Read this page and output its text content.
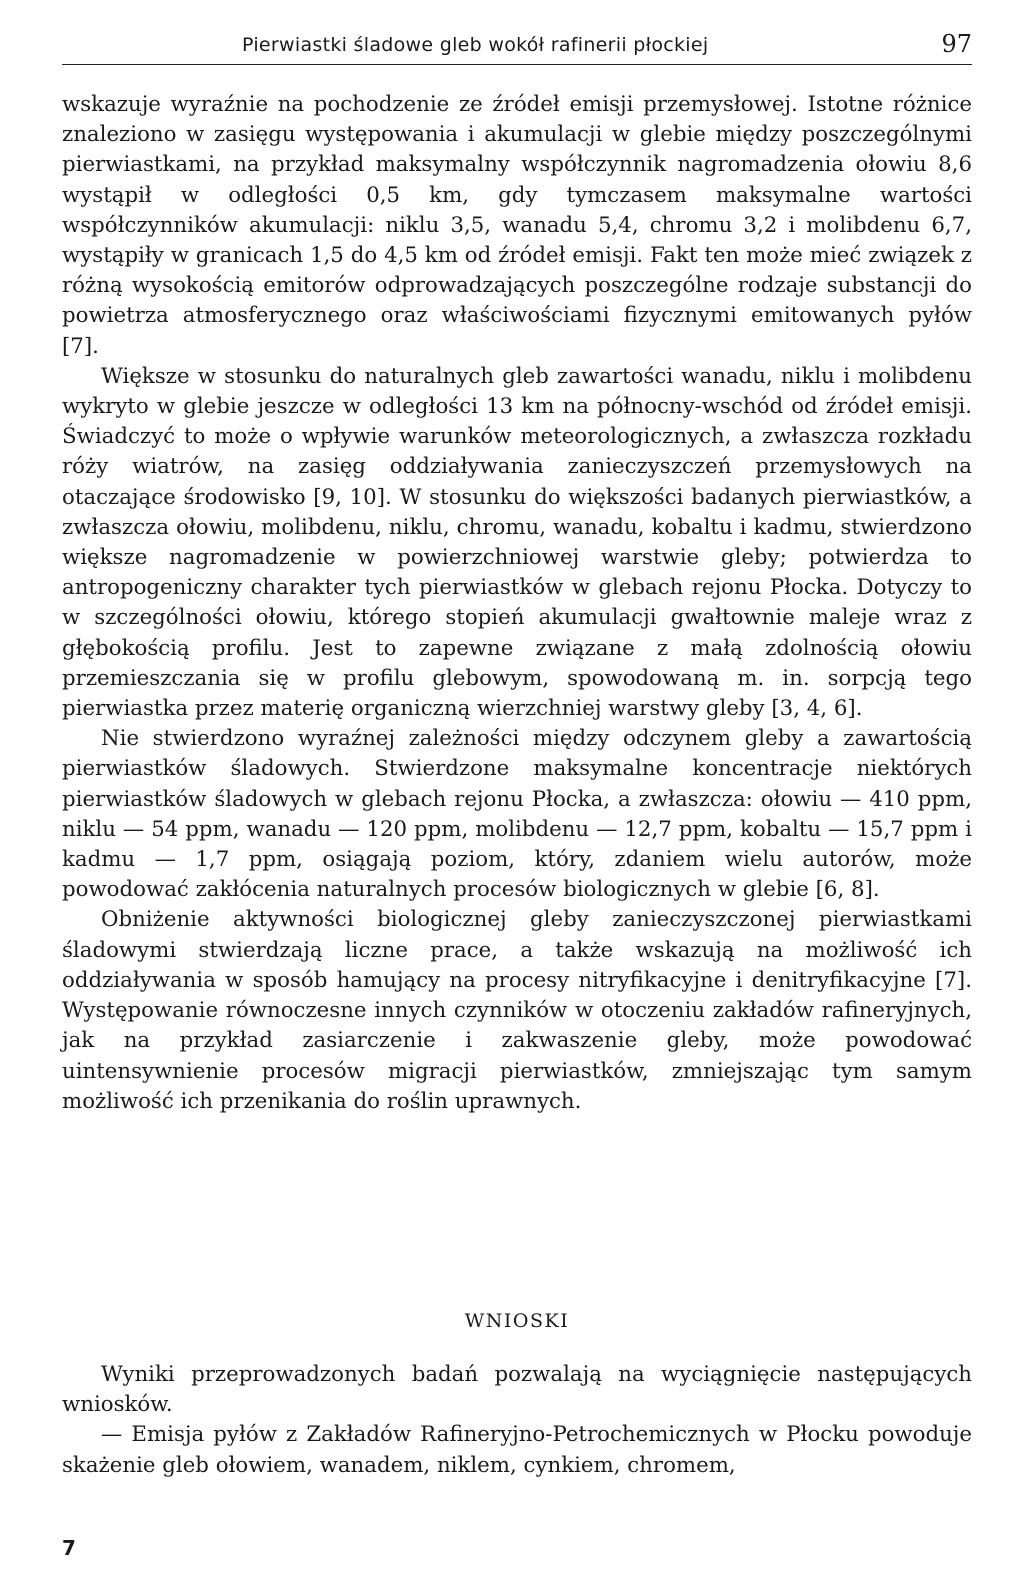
Pierwiastki śladowe gleb wokół rafinerii płockiej	97

wskazuje wyraźnie na pochodzenie ze źródeł emisji przemysłowej. Istotne różnice znaleziono w zasięgu występowania i akumulacji w glebie między poszczególnymi pierwiastkami, na przykład maksymalny współczynnik nagromadzenia ołowiu 8,6 wystąpił w odległości 0,5 km, gdy tymczasem maksymalne wartości współczynników akumulacji: niklu 3,5, wanadu 5,4, chromu 3,2 i molibdenu 6,7, wystąpiły w granicach 1,5 do 4,5 km od źródeł emisji. Fakt ten może mieć związek z różną wysokością emitorów odprowadzających poszczególne rodzaje substancji do powietrza atmosferycznego oraz właściwościami fizycznymi emitowanych pyłów [7].

Większe w stosunku do naturalnych gleb zawartości wanadu, niklu i molibdenu wykryto w glebie jeszcze w odległości 13 km na północny-wschód od źródeł emisji. Świadczyć to może o wpływie warunków meteorologicznych, a zwłaszcza rozkładu róży wiatrów, na zasięg oddziaływania zanieczyszczeń przemysłowych na otaczające środowisko [9, 10]. W stosunku do większości badanych pierwiastków, a zwłaszcza ołowiu, molibdenu, niklu, chromu, wanadu, kobaltu i kadmu, stwierdzono większe nagromadzenie w powierzchniowej warstwie gleby; potwierdza to antropogeniczny charakter tych pierwiastków w glebach rejonu Płocka. Dotyczy to w szczególności ołowiu, którego stopień akumulacji gwałtownie maleje wraz z głębokością profilu. Jest to zapewne związane z małą zdolnością ołowiu przemieszczania się w profilu glebowym, spowodowaną m. in. sorpcją tego pierwiastka przez materię organiczną wierzchniej warstwy gleby [3, 4, 6].

Nie stwierdzono wyraźnej zależności między odczynem gleby a zawartością pierwiastków śladowych. Stwierdzone maksymalne koncentracje niektórych pierwiastków śladowych w glebach rejonu Płocka, a zwłaszcza: ołowiu — 410 ppm, niklu — 54 ppm, wanadu — 120 ppm, molibdenu — 12,7 ppm, kobaltu — 15,7 ppm i kadmu — 1,7 ppm, osiągają poziom, który, zdaniem wielu autorów, może powodować zakłócenia naturalnych procesów biologicznych w glebie [6, 8].

Obniżenie aktywności biologicznej gleby zanieczyszczonej pierwiastkami śladowymi stwierdzają liczne prace, a także wskazują na możliwość ich oddziaływania w sposób hamujący na procesy nitryfikacyjne i denitryfikacyjne [7]. Występowanie równoczesne innych czynników w otoczeniu zakładów rafineryjnych, jak na przykład zasiarczenie i zakwaszenie gleby, może powodować uintensywnienie procesów migracji pierwiastków, zmniejszając tym samym możliwość ich przenikania do roślin uprawnych.

WNIOSKI

Wyniki przeprowadzonych badań pozwalają na wyciągnięcie następujących wniosków.

— Emisja pyłów z Zakładów Rafineryjno-Petrochemicznych w Płocku powoduje skażenie gleb ołowiem, wanadem, niklem, cynkiem, chromem,

7
